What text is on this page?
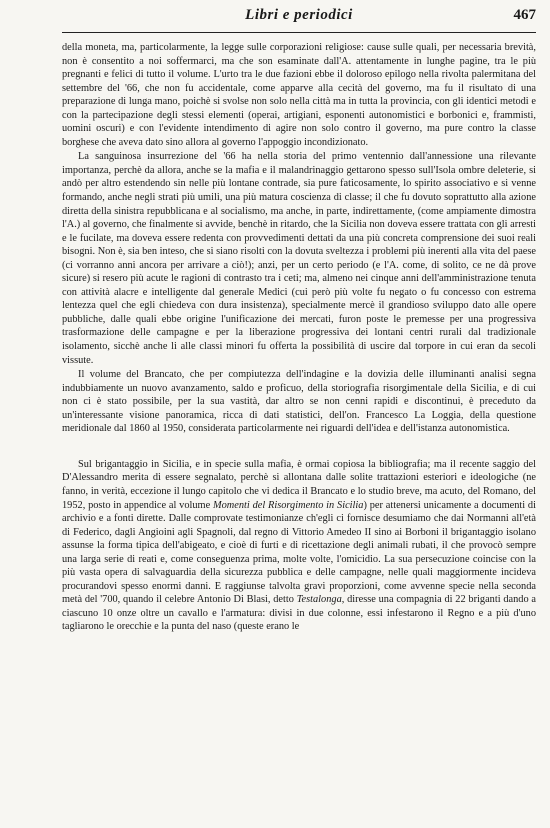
Libri e periodici	467

della moneta, ma, particolarmente, la legge sulle corporazioni religiose: cause sulle quali, per necessaria brevità, non è consentito a noi soffermarci, ma che son esaminate dall'A. attentamente in lunghe pagine, tra le più pregnanti e felici di tutto il volume. L'urto tra le due fazioni ebbe il doloroso epilogo nella rivolta palermitana del settembre del '66, che non fu accidentale, come apparve alla cecità del governo, ma fu il risultato di una preparazione di lunga mano, poichè si svolse non solo nella città ma in tutta la provincia, con gli identici metodi e con la partecipazione degli stessi elementi (operai, artigiani, esponenti autonomistici e borbonici e, frammisti, uomini oscuri) e con l'evidente intendimento di agire non solo contro il governo, ma pure contro la classe borghese che aveva dato sino allora al governo l'appoggio incondizionato.

La sanguinosa insurrezione del '66 ha nella storia del primo ventennio dall'annessione una rilevante importanza, perchè da allora, anche se la mafia e il malandrinaggio gettarono spesso sull'Isola ombre deleterie, si andò per altro estendendo sin nelle più lontane contrade, sia pure faticosamente, lo spirito associativo e si venne formando, anche negli strati più umili, una più matura coscienza di classe; il che fu dovuto soprattutto alla azione diretta della sinistra repubblicana e al socialismo, ma anche, in parte, indirettamente, (come ampiamente dimostra l'A.) al governo, che finalmente si avvide, benchè in ritardo, che la Sicilia non doveva essere trattata con gli arresti e le fucilate, ma doveva essere redenta con provvedimenti dettati da una più concreta comprensione dei suoi reali bisogni. Non è, sia ben inteso, che si siano risolti con la dovuta sveltezza i problemi più inerenti alla vita del paese (ci vorranno anni ancora per arrivare a ciò!); anzi, per un certo periodo (e l'A. come, di solito, ce ne dà prove sicure) si resero più acute le ragioni di contrasto tra i ceti; ma, almeno nei cinque anni dell'amministrazione tenuta con attività alacre e intelligente dal generale Medici (cui però più volte fu negato o fu concesso con estrema lentezza quel che egli chiedeva con dura insistenza), specialmente mercè il grandioso sviluppo dato alle opere pubbliche, dalle quali ebbe origine l'unificazione dei mercati, furon poste le premesse per una progressiva trasformazione delle campagne e per la liberazione progressiva dei lontani centri rurali dal tradizionale isolamento, sicchè anche li alle classi minori fu offerta la possibilità di uscire dal torpore in cui eran da secoli vissute.

Il volume del Brancato, che per compiutezza dell'indagine e la dovizia delle illuminanti analisi segna indubbiamente un nuovo avanzamento, saldo e proficuo, della storiografia risorgimentale della Sicilia, e di cui non ci è stato possibile, per la sua vastità, dar altro se non cenni rapidi e discontinui, è preceduto da un'interessante visione panoramica, ricca di dati statistici, dell'on. Francesco La Loggia, della questione meridionale dal 1860 al 1950, considerata particolarmente nei riguardi dell'idea e dell'istanza autonomistica.

Sul brigantaggio in Sicilia, e in specie sulla mafia, è ormai copiosa la bibliografia; ma il recente saggio del D'Alessandro merita di essere segnalato, perchè si allontana dalle solite trattazioni esteriori e ideologiche (ne fanno, in verità, eccezione il lungo capitolo che vi dedica il Brancato e lo studio breve, ma acuto, del Romano, del 1952, posto in appendice al volume Momenti del Risorgimento in Sicilia) per attenersi unicamente a documenti di archivio e a fonti dirette. Dalle comprovate testimonianze ch'egli ci fornisce desumiamo che dai Normanni all'età di Federico, dagli Angioini agli Spagnoli, dal regno di Vittorio Amedeo II sino ai Borboni il brigantaggio isolano assunse la forma tipica dell'abigeato, e cioè di furti e di ricettazione degli animali rubati, il che provocò sempre una larga serie di reati e, come conseguenza prima, molte volte, l'omicidio. La sua persecuzione coincise con la più vasta opera di salvaguardia della sicurezza pubblica e delle campagne, nelle quali maggiormente incideva procurandovi spesso enormi danni. E raggiunse talvolta gravi proporzioni, come avvenne specie nella seconda metà del '700, quando il celebre Antonio Di Blasi, detto Testalonga, diresse una compagnia di 22 briganti dando a ciascuno 10 onze oltre un cavallo e l'armatura: divisi in due colonne, essi infestarono il Regno e a più d'uno tagliarono le orecchie e la punta del naso (queste erano le
